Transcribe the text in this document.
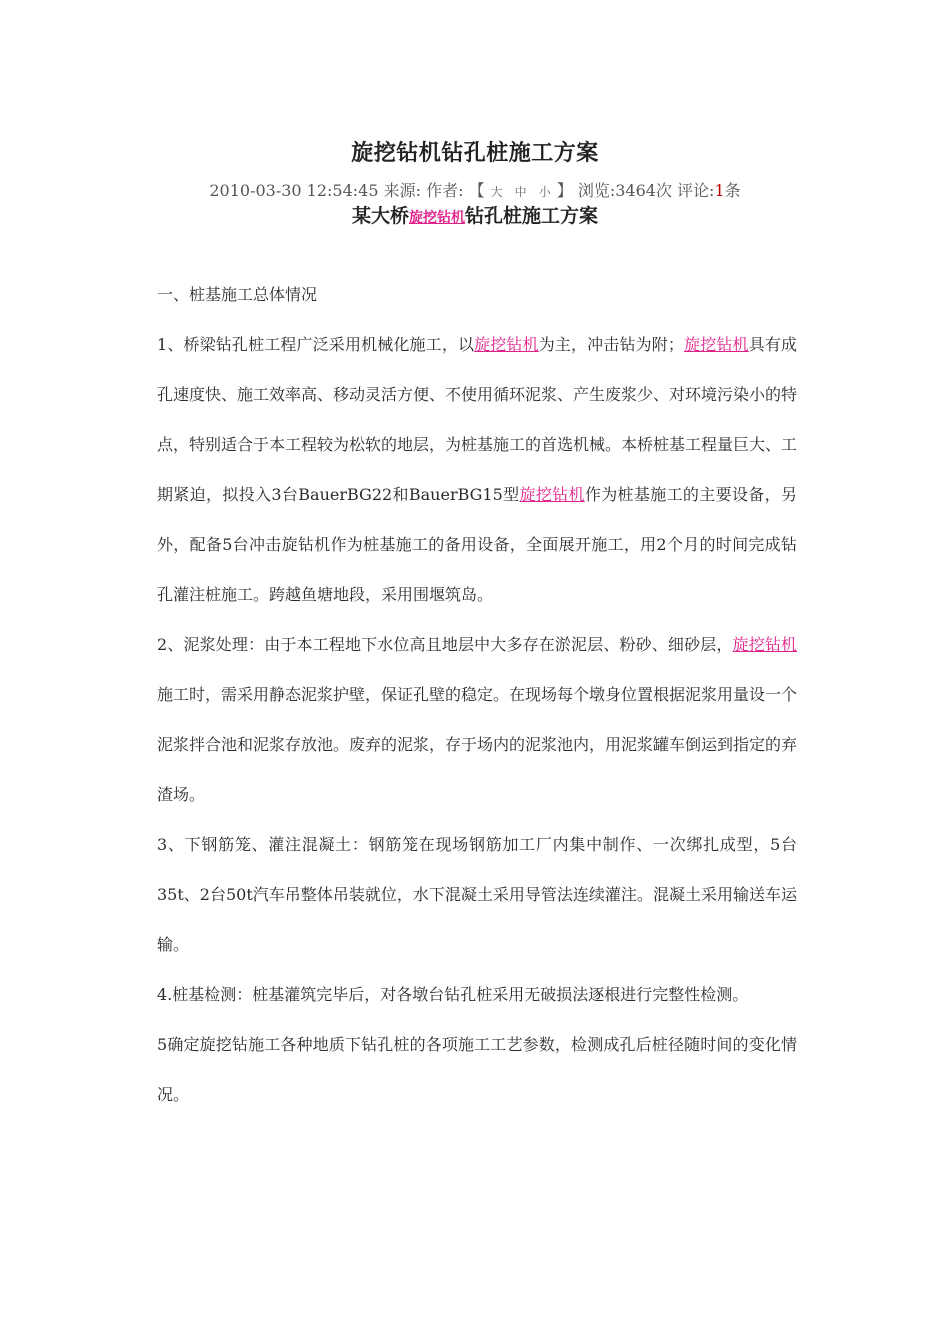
旋挖钻机钻孔桩施工方案
2010-03-30 12:54:45 来源: 作者: 【 大 中 小 】 浏览:3464次 评论:1条
某大桥旋挖钻机钻孔桩施工方案

一、桩基施工总体情况

1、桥梁钻孔桩工程广泛采用机械化施工，以旋挖钻机为主，冲击钻为附；旋挖钻机具有成孔速度快、施工效率高、移动灵活方便、不使用循环泥浆、产生废浆少、对环境污染小的特点，特别适合于本工程较为松软的地层，为桩基施工的首选机械。本桥桩基工程量巨大、工期紧迫，拟投入3台BauerBG22和BauerBG15型旋挖钻机作为桩基施工的主要设备，另外，配备5台冲击旋钻机作为桩基施工的备用设备，全面展开施工，用2个月的时间完成钻孔灌注桩施工。跨越鱼塘地段，采用围堰筑岛。

2、泥浆处理：由于本工程地下水位高且地层中大多存在淤泥层、粉砂、细砂层，旋挖钻机施工时，需采用静态泥浆护壁，保证孔壁的稳定。在现场每个墩身位置根据泥浆用量设一个泥浆拌合池和泥浆存放池。废弃的泥浆，存于场内的泥浆池内，用泥浆罐车倒运到指定的弃渣场。

3、下钢筋笼、灌注混凝土：钢筋笼在现场钢筋加工厂内集中制作、一次绑扎成型，5台35t、2台50t汽车吊整体吊装就位，水下混凝土采用导管法连续灌注。混凝土采用输送车运输。

4.桩基检测：桩基灌筑完毕后，对各墩台钻孔桩采用无破损法逐根进行完整性检测。

5确定旋挖钻施工各种地质下钻孔桩的各项施工工艺参数，检测成孔后桩径随时间的变化情况。
